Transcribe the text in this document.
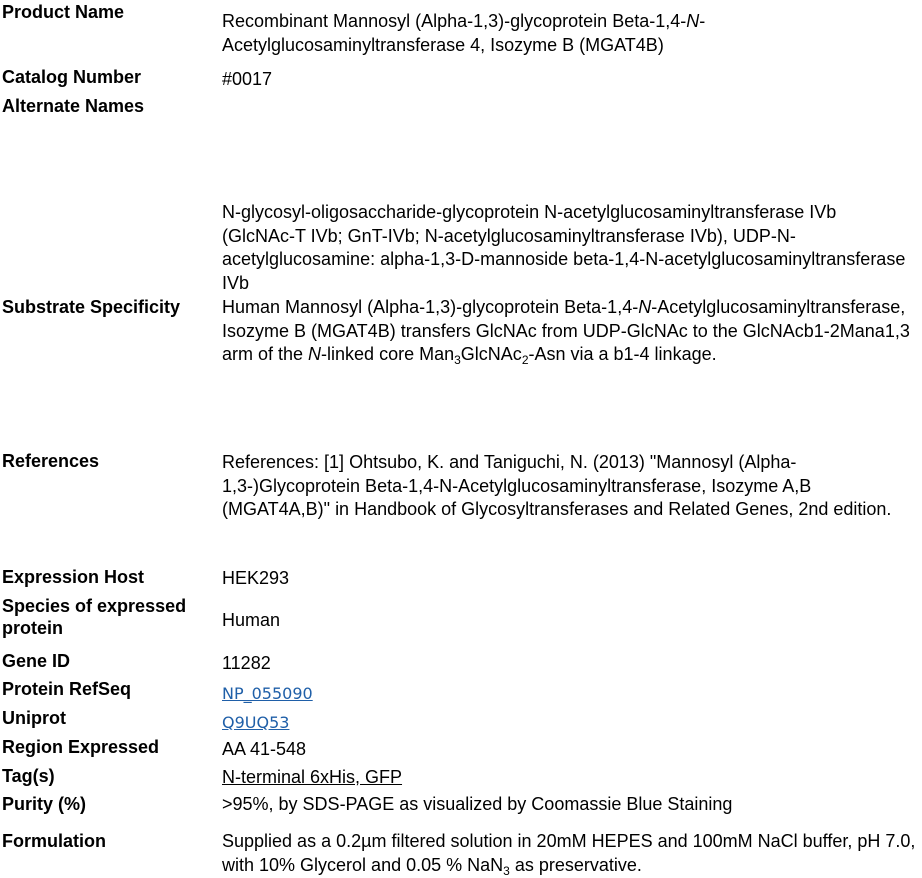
Product Name
Catalog Number
Alternate Names
Substrate Specificity
References
Expression Host
Species of expressed
protein
Gene ID
Protein RefSeq
Uniprot
Region Expressed
Tag(s)
Purity (%)
Formulation
Recombinant Mannosyl (Alpha-1,3)-glycoprotein Beta-1,4-N-
Acetylglucosaminyltransferase 4, Isozyme B (MGAT4B)
#0017
N-glycosyl-oligosaccharide-glycoprotein N-acetylglucosaminyltransferase IVb (GlcNAc-T IVb; GnT-IVb; N-acetylglucosaminyltransferase IVb), UDP-N-acetylglucosamine: alpha-1,3-D-mannoside beta-1,4-N-acetylglucosaminyltransferase IVb
Human Mannosyl (Alpha-1,3)-glycoprotein Beta-1,4-N-Acetylglucosaminyltransferase, Isozyme B (MGAT4B) transfers GlcNAc from UDP-GlcNAc to the GlcNAcb1-2Mana1,3 arm of the N-linked core Man$_3$GlcNAc$_2$-Asn via a b1-4 linkage.
References: [1] Ohtsubo, K. and Taniguchi, N. (2013) "Mannosyl (Alpha-1,3-)Glycoprotein Beta-1,4-N-Acetylglucosaminyltransferase, Isozyme A,B (MGAT4A,B)" in Handbook of Glycosyltransferases and Related Genes, 2nd edition.
HEK293
Human
11282
NP_055090
Q9UQ53
AA 41-548
N-terminal 6xHis, GFP
>95%, by SDS-PAGE as visualized by Coomassie Blue Staining
Supplied as a 0.2µm filtered solution in 20mM HEPES and 100mM NaCl buffer, pH 7.0, with 10% Glycerol and 0.05 % NaN$_3$ as preservative.
